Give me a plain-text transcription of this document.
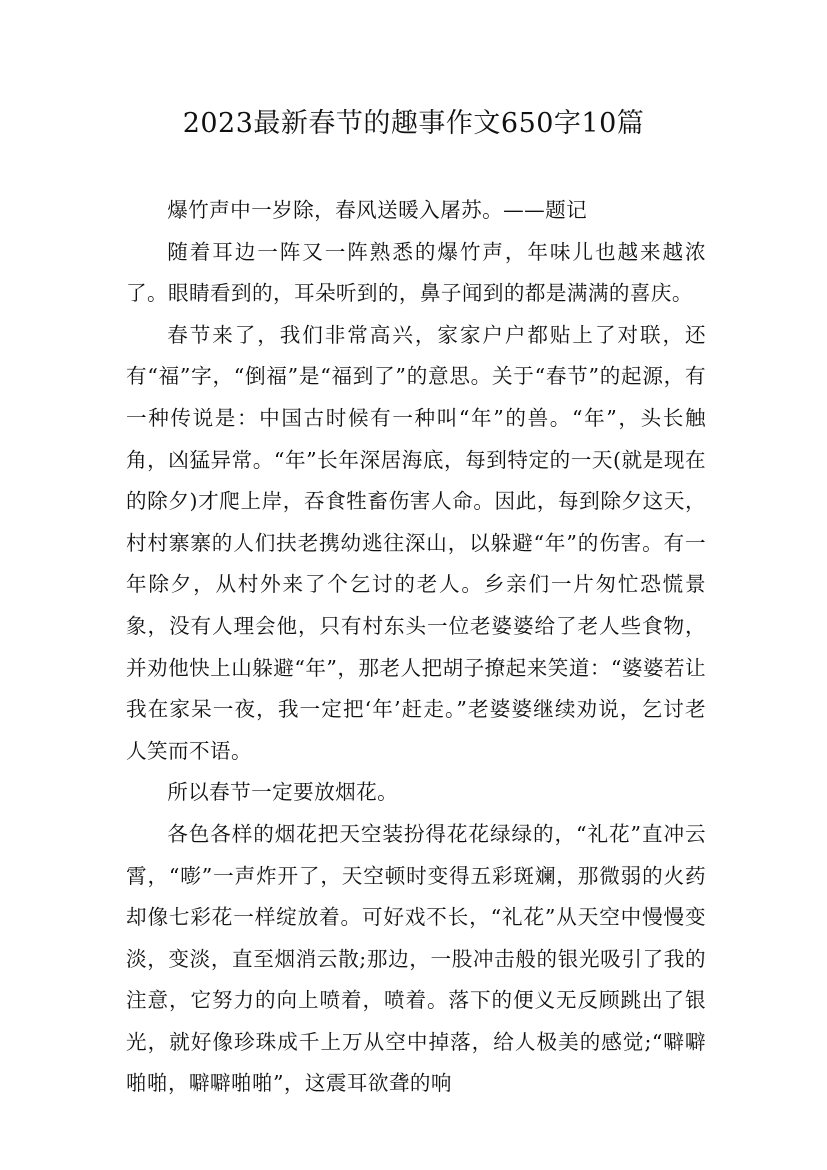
2023最新春节的趣事作文650字10篇

爆竹声中一岁除，春风送暖入屠苏。——题记

随着耳边一阵又一阵熟悉的爆竹声，年味儿也越来越浓了。眼睛看到的，耳朵听到的，鼻子闻到的都是满满的喜庆。

春节来了，我们非常高兴，家家户户都贴上了对联，还有“福”字，“倒福”是“福到了”的意思。关于“春节”的起源，有一种传说是：中国古时候有一种叫“年”的兽。“年”，头长触角，凶猛异常。“年”长年深居海底，每到特定的一天(就是现在的除夕)才爬上岸，吞食牲畜伤害人命。因此，每到除夕这天，村村寨寨的人们扶老携幼逃往深山，以躲避“年”的伤害。有一年除夕，从村外来了个乞讨的老人。乡亲们一片匆忙恐慌景象，没有人理会他，只有村东头一位老婆婆给了老人些食物，并劝他快上山躲避“年”，那老人把胡子撩起来笑道：“婆婆若让我在家呆一夜，我一定把‘年’赶走。”老婆婆继续劝说，乞讨老人笑而不语。

所以春节一定要放烟花。

各色各样的烟花把天空装扮得花花绿绿的，“礼花”直冲云霄，“嘭”一声炸开了，天空顿时变得五彩斑斓，那微弱的火药却像七彩花一样绽放着。可好戏不长，“礼花”从天空中慢慢变淡，变淡，直至烟消云散;那边，一股冲击般的银光吸引了我的注意，它努力的向上喷着，喷着。落下的便义无反顾跳出了银光，就好像珍珠成千上万从空中掉落，给人极美的感觉;“噼噼啪啪，噼噼啪啪”，这震耳欲聋的响
